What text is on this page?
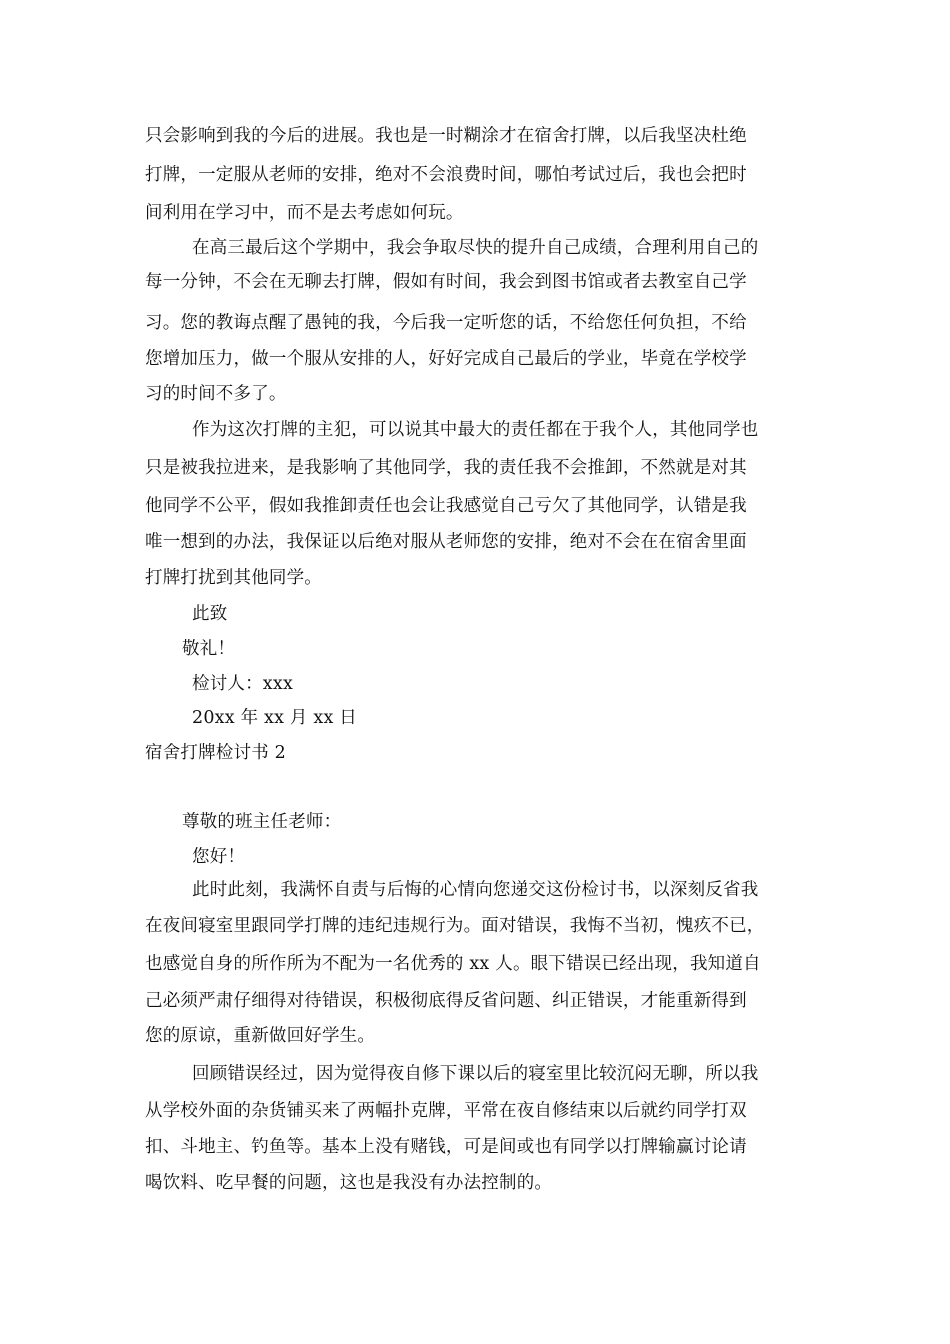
只会影响到我的今后的进展。我也是一时糊涂才在宿舍打牌，以后我坚决杜绝
打牌，一定服从老师的安排，绝对不会浪费时间，哪怕考试过后，我也会把时
间利用在学习中，而不是去考虑如何玩。
在高三最后这个学期中，我会争取尽快的提升自己成绩，合理利用自己的
每一分钟，不会在无聊去打牌，假如有时间，我会到图书馆或者去教室自己学
习。您的教诲点醒了愚钝的我，今后我一定听您的话，不给您任何负担，不给
您增加压力，做一个服从安排的人，好好完成自己最后的学业，毕竟在学校学
习的时间不多了。
作为这次打牌的主犯，可以说其中最大的责任都在于我个人，其他同学也
只是被我拉进来，是我影响了其他同学，我的责任我不会推卸，不然就是对其
他同学不公平，假如我推卸责任也会让我感觉自己亏欠了其他同学，认错是我
唯一想到的办法，我保证以后绝对服从老师您的安排，绝对不会在在宿舍里面
打牌打扰到其他同学。
此致
敬礼！
检讨人：xxx
20xx 年 xx 月 xx 日
宿舍打牌检讨书 2
尊敬的班主任老师：
您好！
此时此刻，我满怀自责与后悔的心情向您递交这份检讨书，以深刻反省我
在夜间寝室里跟同学打牌的违纪违规行为。面对错误，我悔不当初，愧疚不已，
也感觉自身的所作所为不配为一名优秀的 xx 人。眼下错误已经出现，我知道自
己必须严肃仔细得对待错误，积极彻底得反省问题、纠正错误，才能重新得到
您的原谅，重新做回好学生。
回顾错误经过，因为觉得夜自修下课以后的寝室里比较沉闷无聊，所以我
从学校外面的杂货铺买来了两幅扑克牌，平常在夜自修结束以后就约同学打双
扣、斗地主、钓鱼等。基本上没有赌钱，可是间或也有同学以打牌输赢讨论请
喝饮料、吃早餐的问题，这也是我没有办法控制的。
